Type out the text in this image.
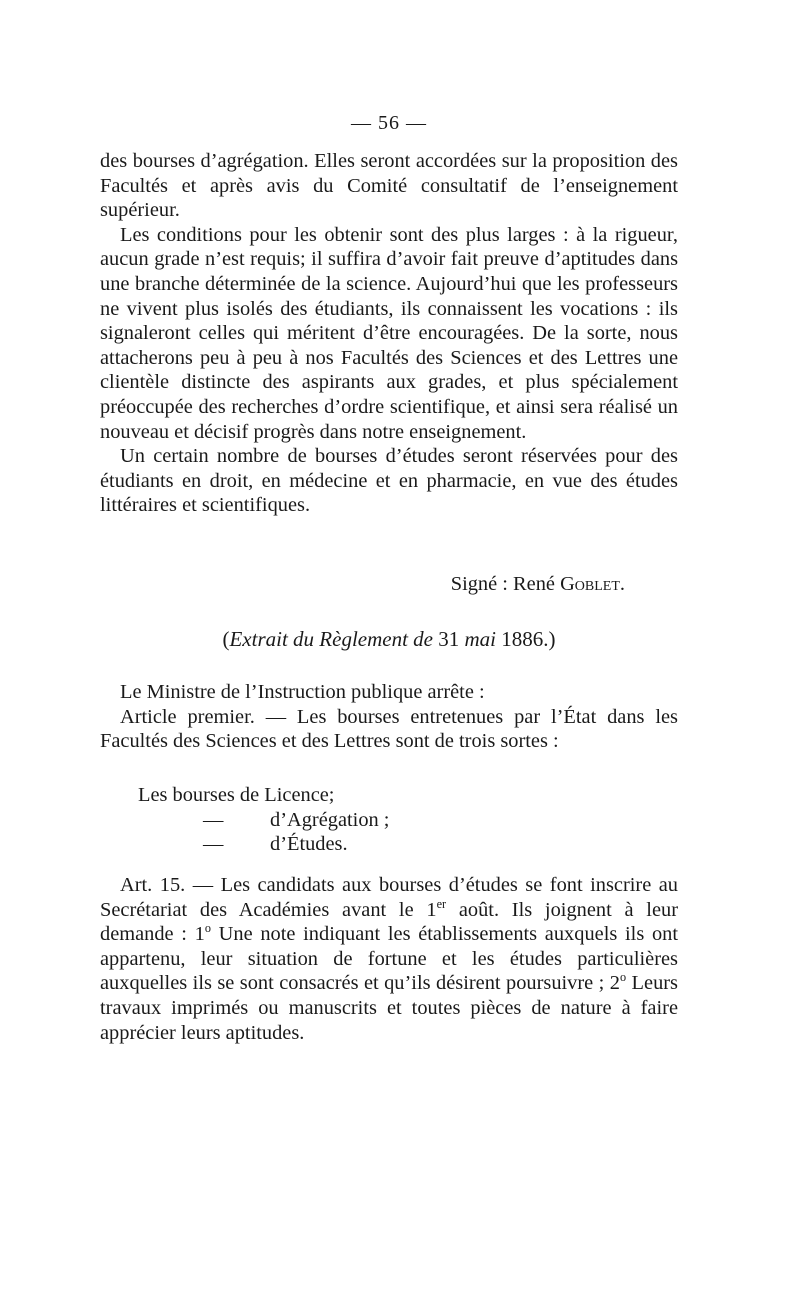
— 56 —

des bourses d’agrégation. Elles seront accordées sur la proposition des Facultés et après avis du Comité consultatif de l’enseignement supérieur.

Les conditions pour les obtenir sont des plus larges : à la rigueur, aucun grade n’est requis; il suffira d’avoir fait preuve d’aptitudes dans une branche déterminée de la science. Aujourd’hui que les professeurs ne vivent plus isolés des étudiants, ils connaissent les vocations : ils signaleront celles qui méritent d’être encouragées. De la sorte, nous attacherons peu à peu à nos Facultés des Sciences et des Lettres une clientèle distincte des aspirants aux grades, et plus spécialement préoccupée des recherches d’ordre scientifique, et ainsi sera réalisé un nouveau et décisif progrès dans notre enseignement.

Un certain nombre de bourses d’études seront réservées pour des étudiants en droit, en médecine et en pharmacie, en vue des études littéraires et scientifiques.

Signé : René Goblet.
(Extrait du Règlement de 31 mai 1886.)

Le Ministre de l’Instruction publique arrête :

Article premier. — Les bourses entretenues par l’État dans les Facultés des Sciences et des Lettres sont de trois sortes :

Les bourses de Licence;
— d’Agrégation ;
— d’Études.

Art. 15. — Les candidats aux bourses d’études se font inscrire au Secrétariat des Académies avant le 1er août. Ils joignent à leur demande : 1$^o$ Une note indiquant les établissements auxquels ils ont appartenu, leur situation de fortune et les études particulières auxquelles ils se sont consacrés et qu’ils désirent poursuivre ; 2$^o$ Leurs travaux imprimés ou manuscrits et toutes pièces de nature à faire apprécier leurs aptitudes.
